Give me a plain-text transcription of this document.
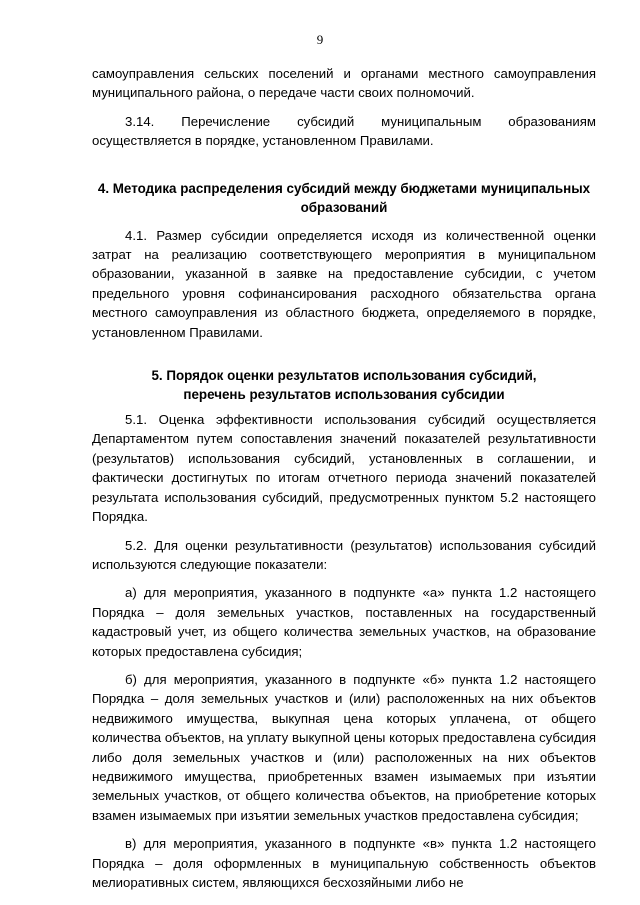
9

самоуправления сельских поселений и органами местного самоуправления муниципального района, о передаче части своих полномочий.

3.14. Перечисление субсидий муниципальным образованиям осуществляется в порядке, установленном Правилами.

4. Методика распределения субсидий между бюджетами муниципальных образований

4.1. Размер субсидии определяется исходя из количественной оценки затрат на реализацию соответствующего мероприятия в муниципальном образовании, указанной в заявке на предоставление субсидии, с учетом предельного уровня софинансирования расходного обязательства органа местного самоуправления из областного бюджета, определяемого в порядке, установленном Правилами.

5. Порядок оценки результатов использования субсидий,

перечень результатов использования субсидии

5.1. Оценка эффективности использования субсидий осуществляется Департаментом путем сопоставления значений показателей результативности (результатов) использования субсидий, установленных в соглашении, и фактически достигнутых по итогам отчетного периода значений показателей результата использования субсидий, предусмотренных пунктом 5.2 настоящего Порядка.

5.2. Для оценки результативности (результатов) использования субсидий используются следующие показатели:

а) для мероприятия, указанного в подпункте «а» пункта 1.2 настоящего Порядка – доля земельных участков, поставленных на государственный кадастровый учет, из общего количества земельных участков, на образование которых предоставлена субсидия;

б) для мероприятия, указанного в подпункте «б» пункта 1.2 настоящего Порядка – доля земельных участков и (или) расположенных на них объектов недвижимого имущества, выкупная цена которых уплачена, от общего количества объектов, на уплату выкупной цены которых предоставлена субсидия либо доля земельных участков и (или) расположенных на них объектов недвижимого имущества, приобретенных взамен изымаемых при изъятии земельных участков, от общего количества объектов, на приобретение которых взамен изымаемых при изъятии земельных участков предоставлена субсидия;

в) для мероприятия, указанного в подпункте «в» пункта 1.2 настоящего Порядка – доля оформленных в муниципальную собственность объектов мелиоративных систем, являющихся бесхозяйными либо не
